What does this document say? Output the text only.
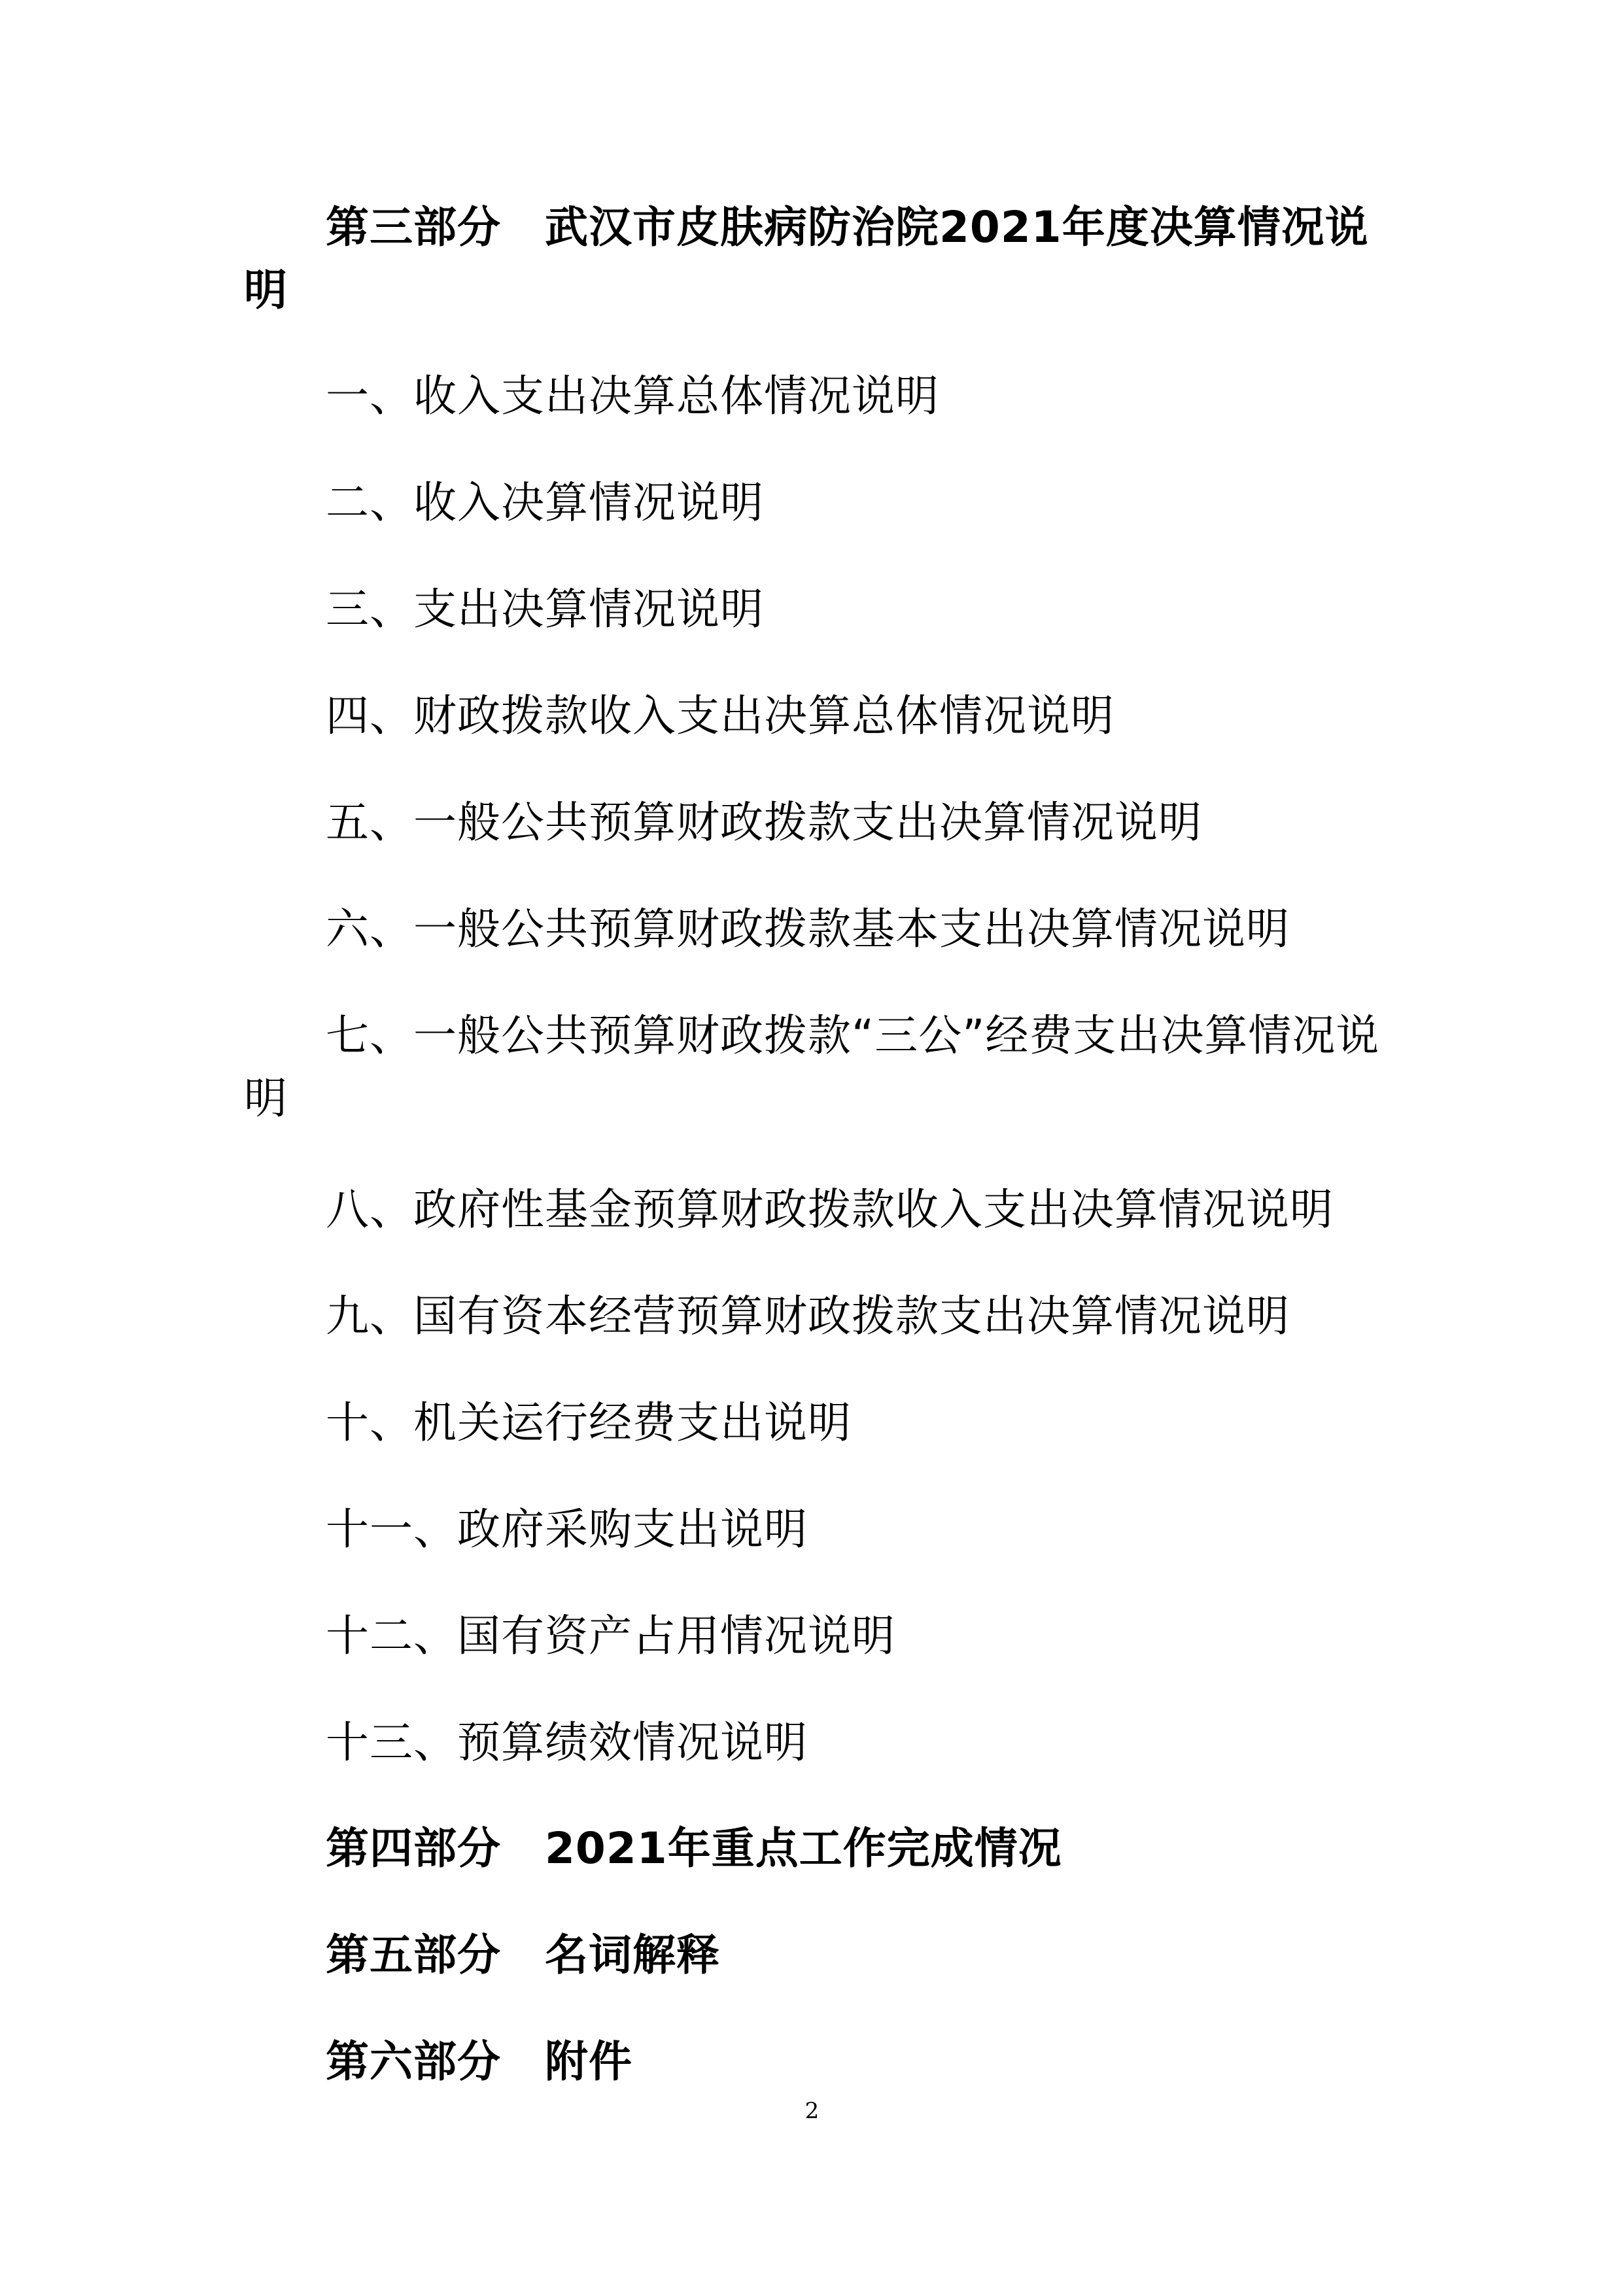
第三部分　武汉市皮肤病防治院2021年度决算情况说明

一、收入支出决算总体情况说明

二、收入决算情况说明

三、支出决算情况说明

四、财政拨款收入支出决算总体情况说明

五、一般公共预算财政拨款支出决算情况说明

六、一般公共预算财政拨款基本支出决算情况说明

七、一般公共预算财政拨款“三公”经费支出决算情况说明

八、政府性基金预算财政拨款收入支出决算情况说明

九、国有资本经营预算财政拨款支出决算情况说明

十、机关运行经费支出说明

十一、政府采购支出说明

十二、国有资产占用情况说明

十三、预算绩效情况说明

第四部分　2021年重点工作完成情况

第五部分　名词解释

第六部分　附件

2
